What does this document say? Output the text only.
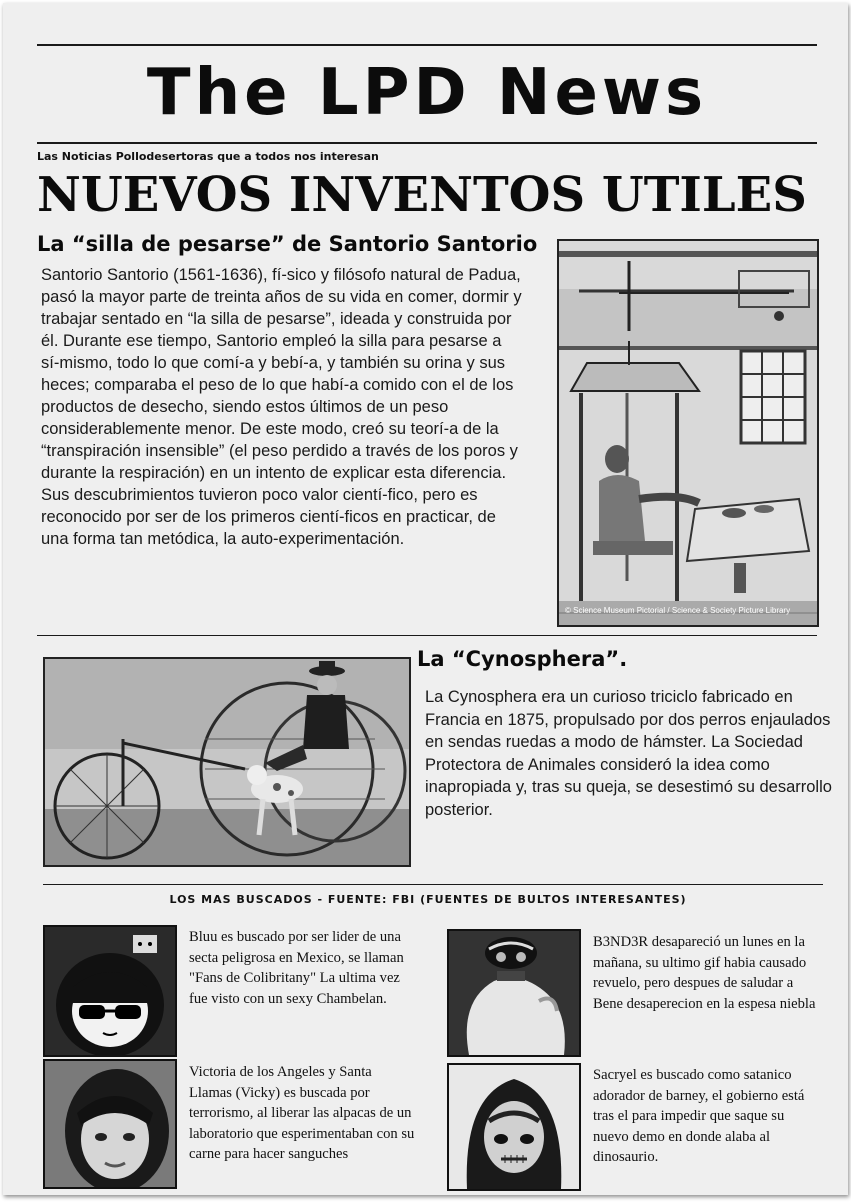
The LPD News
Las Noticias Pollodesertoras que a todos nos interesan
NUEVOS INVENTOS UTILES
La “silla de pesarse” de Santorio Santorio
Santorio Santorio (1561-1636), fí-sico y filósofo natural de Padua, pasó la mayor parte de treinta años de su vida en comer, dormir y trabajar sentado en “la silla de pesarse”, ideada y construida por él. Durante ese tiempo, Santorio empleó la silla para pesarse a sí-mismo, todo lo que comí-a y bebí-a, y también su orina y sus heces; comparaba el peso de lo que habí-a comido con el de los productos de desecho, siendo estos últimos de un peso considerablemente menor. De este modo, creó su teorí-a de la “transpiración insensible” (el peso perdido a través de los poros y durante la respiración) en un intento de explicar esta diferencia. Sus descubrimientos tuvieron poco valor cientí-fico, pero es reconocido por ser de los primeros cientí-ficos en practicar, de una forma tan metódica, la auto-experimentación.
© Science Museum Pictorial / Science & Society Picture Library
La “Cynosphera”.
La Cynosphera era un curioso triciclo fabricado en Francia en 1875, propulsado por dos perros enjaulados en sendas ruedas a modo de hámster. La Sociedad Protectora de Animales consideró la idea como inapropiada y, tras su queja, se desestimó su desarrollo posterior.
LOS MAS BUSCADOS - FUENTE: FBI (FUENTES DE BULTOS INTERESANTES)
Bluu es buscado por ser lider de una secta peligrosa en Mexico, se llaman "Fans de Colibritany" La ultima vez fue visto con un sexy Chambelan.
B3ND3R desapareció un lunes en la mañana, su ultimo gif habia causado revuelo, pero despues de saludar a Bene desaperecion en la espesa niebla
Victoria de los Angeles y Santa Llamas (Vicky) es buscada por terrorismo, al liberar las alpacas de un laboratorio que esperimentaban con su carne para hacer sanguches
Sacryel es buscado como satanico adorador de barney, el gobierno está tras el para impedir que saque su nuevo demo en donde alaba al dinosaurio.
